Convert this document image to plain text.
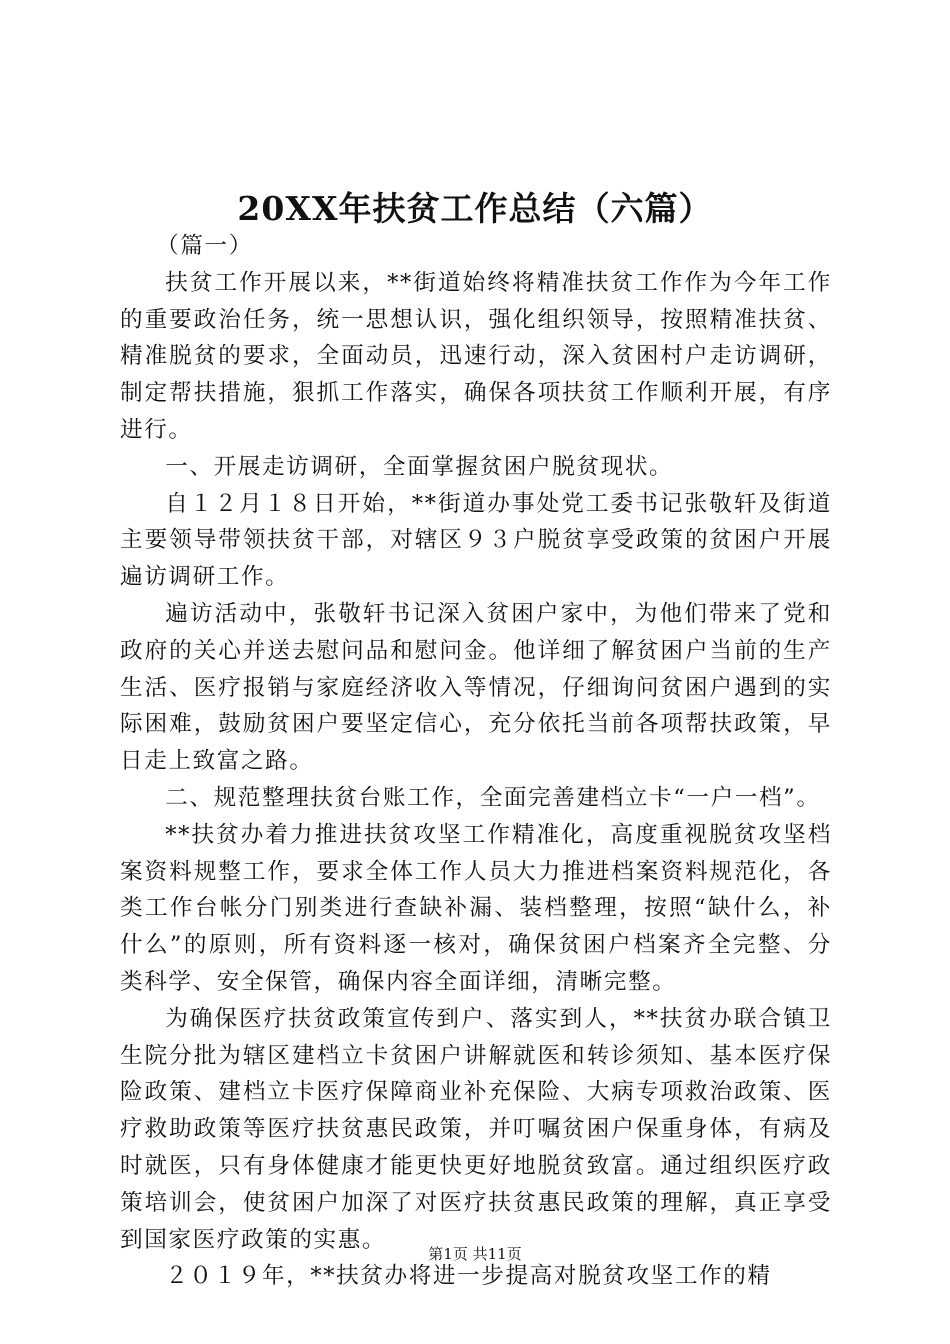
20XX年扶贫工作总结（六篇）

（篇一）

扶贫工作开展以来，**街道始终将精准扶贫工作作为今年工作的重要政治任务，统一思想认识，强化组织领导，按照精准扶贫、精准脱贫的要求，全面动员，迅速行动，深入贫困村户走访调研，制定帮扶措施，狠抓工作落实，确保各项扶贫工作顺利开展，有序进行。

一、开展走访调研，全面掌握贫困户脱贫现状。

自１２月１８日开始，**街道办事处党工委书记张敬轩及街道主要领导带领扶贫干部，对辖区９３户脱贫享受政策的贫困户开展遍访调研工作。

遍访活动中，张敬轩书记深入贫困户家中，为他们带来了党和政府的关心并送去慰问品和慰问金。他详细了解贫困户当前的生产生活、医疗报销与家庭经济收入等情况，仔细询问贫困户遇到的实际困难，鼓励贫困户要坚定信心，充分依托当前各项帮扶政策，早日走上致富之路。

二、规范整理扶贫台账工作，全面完善建档立卡“一户一档”。

**扶贫办着力推进扶贫攻坚工作精准化，高度重视脱贫攻坚档案资料规整工作，要求全体工作人员大力推进档案资料规范化，各类工作台帐分门别类进行查缺补漏、装档整理，按照“缺什么，补什么”的原则，所有资料逐一核对，确保贫困户档案齐全完整、分类科学、安全保管，确保内容全面详细，清晰完整。

为确保医疗扶贫政策宣传到户、落实到人，**扶贫办联合镇卫生院分批为辖区建档立卡贫困户讲解就医和转诊须知、基本医疗保险政策、建档立卡医疗保障商业补充保险、大病专项救治政策、医疗救助政策等医疗扶贫惠民政策，并叮嘱贫困户保重身体，有病及时就医，只有身体健康才能更快更好地脱贫致富。通过组织医疗政策培训会，使贫困户加深了对医疗扶贫惠民政策的理解，真正享受到国家医疗政策的实惠。

２０１９年，**扶贫办将进一步提高对脱贫攻坚工作的精

第1页 共11页
